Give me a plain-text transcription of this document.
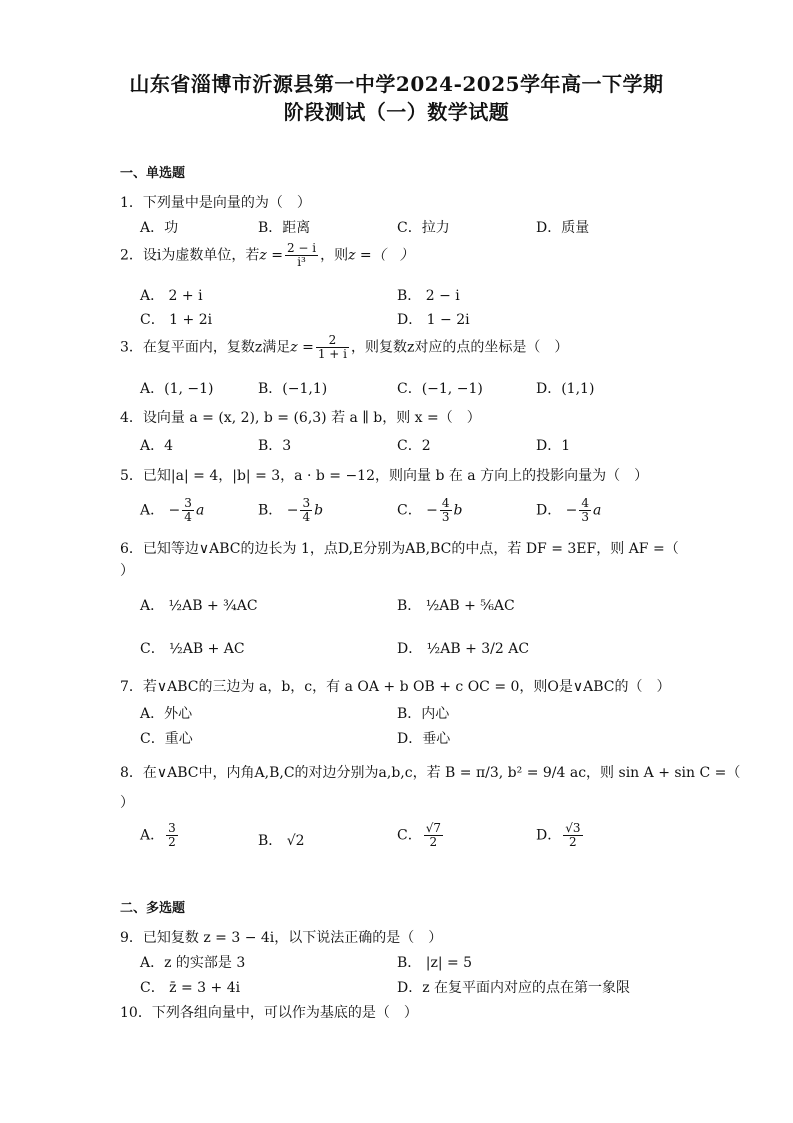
山东省淄博市沂源县第一中学2024-2025学年高一下学期
阶段测试（一）数学试题
一、单选题
1．下列量中是向量的为（　）
A．功	B．距离	C．拉力	D．质量
2．设i为虚数单位，若$z = \frac{2 - i}{\text{i³}}$ ，则z =（　）
A． 2 + i	B． 2 − i
C． 1 + 2i	D． 1 − 2i
3．在复平面内，复数z满足$z = \frac{2}{1 + i}$ ，则复数z对应的点的坐标是（　）
A．(1, −1)	B．(−1,1)	C．(−1, −1)	D．(1,1)
4．设向量 a = (x, 2), b = (6,3) 若 a ∥ b，则 x =（　）
A．4	B．3	C．2	D．1
5．已知|a| = 4，|b| = 3，a · b = −12，则向量 b 在 a 方向上的投影向量为（　）
A． − $\frac{3}{4}$ a	B． − $\frac{3}{4}$ b	C． − $\frac{4}{3}$ b	D． − $\frac{4}{3}$ a
6．已知等边∨ABC的边长为 1，点D,E分别为AB,BC的中点，若 DF = 3EF，则 AF =（
）
A． ½AB + ¾AC	B． ½AB + ⅚AC
C． ½AB + AC	D． ½AB + 3/2 AC
7．若∨ABC的三边为 a，b，c，有 a OA + b OB + c OC = 0，则O是∨ABC的（　）
A．外心	B．内心
C．重心	D．垂心
8．在∨ABC中，内角A,B,C的对边分别为a,b,c，若 B = π/3, b² = 9/4 ac，则 sin A + sin C =（
）
A． $\frac{3}{2}$	B． √2	C． $\frac{√7}{2}$	D． $\frac{√3}{2}$
二、多选题
9．已知复数 z = 3 − 4i，以下说法正确的是（　）
A．z 的实部是 3	B． |z| = 5
C． z̄ = 3 + 4i	D．z 在复平面内对应的点在第一象限
10．下列各组向量中，可以作为基底的是（　）
